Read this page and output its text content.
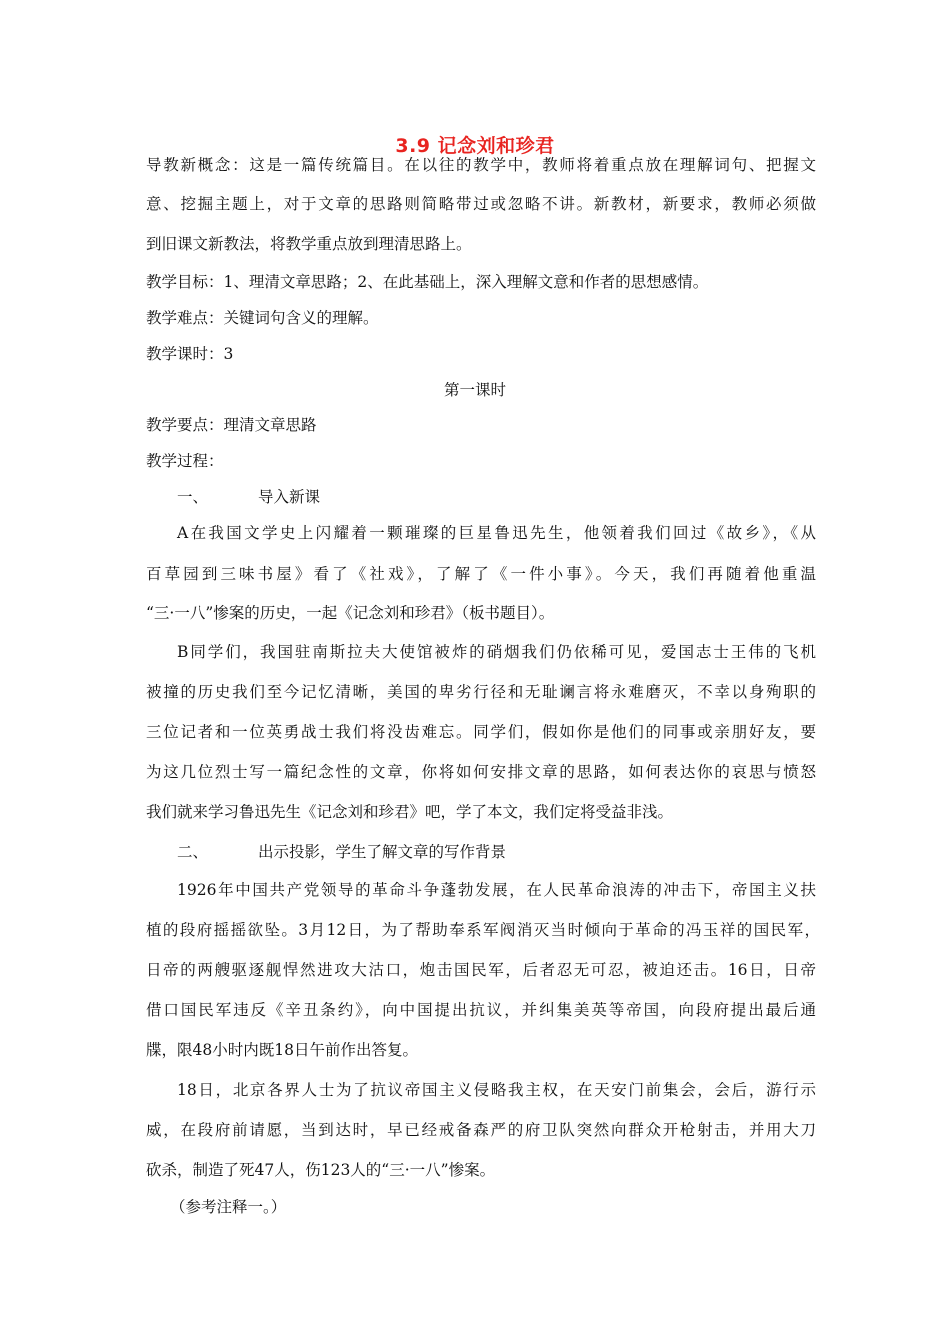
3.9 记念刘和珍君
导教新概念：这是一篇传统篇目。在以往的教学中，教师将着重点放在理解词句、把握文
意、挖掘主题上，对于文章的思路则简略带过或忽略不讲。新教材，新要求，教师必须做
到旧课文新教法，将教学重点放到理清思路上。
教学目标：1、理清文章思路；2、在此基础上，深入理解文意和作者的思想感情。
教学难点：关键词句含义的理解。
教学课时：3
第一课时
教学要点：理清文章思路
教学过程：
一、	导入新课
A在我国文学史上闪耀着一颗璀璨的巨星鲁迅先生，他领着我们回过《故乡》，《从
百草园到三味书屋》看了《社戏》，了解了《一件小事》。今天，我们再随着他重温
“三·一八”惨案的历史，一起《记念刘和珍君》（板书题目）。
B同学们，我国驻南斯拉夫大使馆被炸的硝烟我们仍依稀可见，爱国志士王伟的飞机
被撞的历史我们至今记忆清晰，美国的卑劣行径和无耻谰言将永难磨灭，不幸以身殉职的
三位记者和一位英勇战士我们将没齿难忘。同学们，假如你是他们的同事或亲朋好友，要
为这几位烈士写一篇纪念性的文章，你将如何安排文章的思路，如何表达你的哀思与愤怒
我们就来学习鲁迅先生《记念刘和珍君》吧，学了本文，我们定将受益非浅。
二、	出示投影，学生了解文章的写作背景
1926年中国共产党领导的革命斗争蓬勃发展，在人民革命浪涛的冲击下，帝国主义扶
植的段府摇摇欲坠。3月12日，为了帮助奉系军阀消灭当时倾向于革命的冯玉祥的国民军，
日帝的两艘驱逐舰悍然进攻大沽口，炮击国民军，后者忍无可忍，被迫还击。16日，日帝
借口国民军违反《辛丑条约》，向中国提出抗议，并纠集美英等帝国，向段府提出最后通
牒，限48小时内既18日午前作出答复。
18日，北京各界人士为了抗议帝国主义侵略我主权，在天安门前集会，会后，游行示
威，在段府前请愿，当到达时，早已经戒备森严的府卫队突然向群众开枪射击，并用大刀
砍杀，制造了死47人，伤123人的“三·一八”惨案。
（参考注释一。）
